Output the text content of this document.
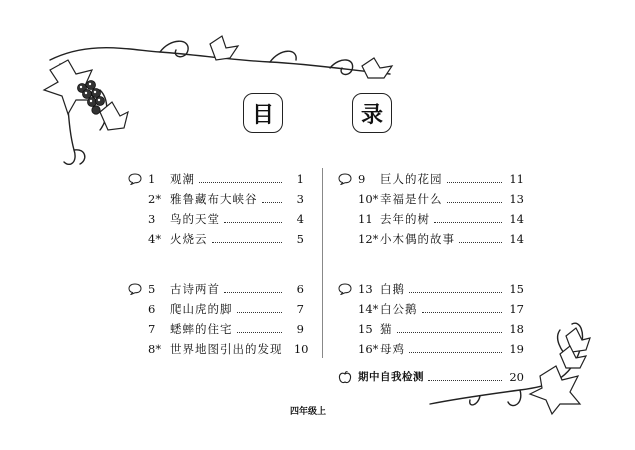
目	录
1	观潮	1
2* 雅鲁藏布大峡谷	3
3	鸟的天堂	4
4* 火烧云	5
5	古诗两首	6
6	爬山虎的脚	7
7	蟋蟀的住宅	9
8* 世界地图引出的发现 10
9	巨人的花园	11
10* 幸福是什么	13
11 去年的树	14
12* 小木偶的故事	14
13 白鹅	15
14* 白公鹅	17
15 猫	18
16* 母鸡	19
期中自我检测	20
四年级上
